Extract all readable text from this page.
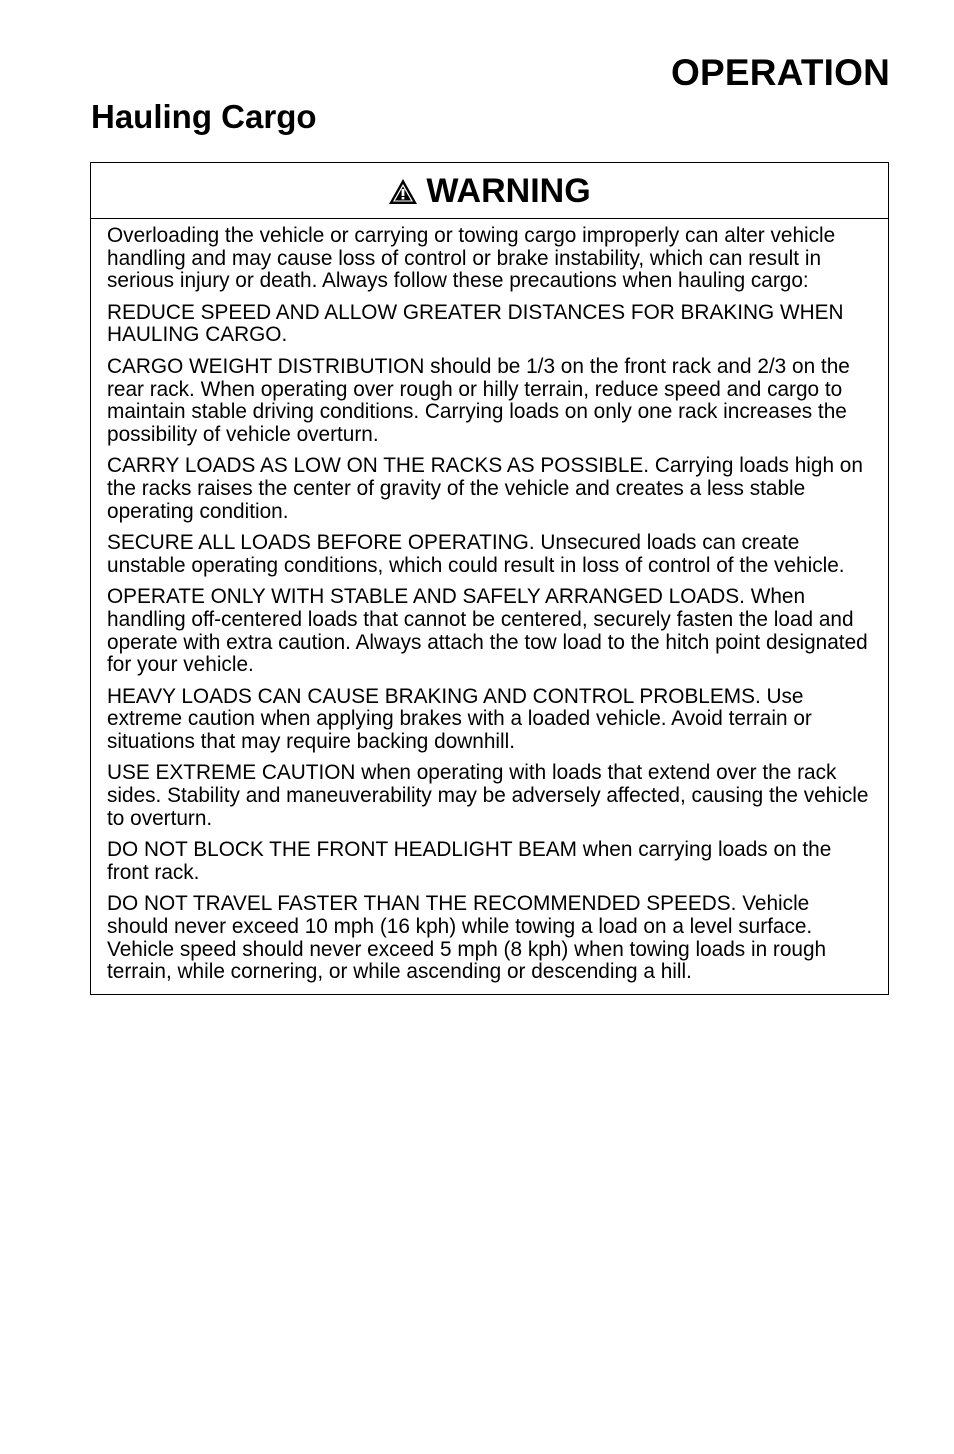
OPERATION
Hauling Cargo
WARNING

Overloading the vehicle or carrying or towing cargo improperly can alter vehicle handling and may cause loss of control or brake instability, which can result in serious injury or death. Always follow these precautions when hauling cargo:

REDUCE SPEED AND ALLOW GREATER DISTANCES FOR BRAKING WHEN HAULING CARGO.

CARGO WEIGHT DISTRIBUTION should be 1/3 on the front rack and 2/3 on the rear rack. When operating over rough or hilly terrain, reduce speed and cargo to maintain stable driving conditions. Carrying loads on only one rack increases the possibility of vehicle overturn.

CARRY LOADS AS LOW ON THE RACKS AS POSSIBLE. Carrying loads high on the racks raises the center of gravity of the vehicle and creates a less stable operating condition.

SECURE ALL LOADS BEFORE OPERATING. Unsecured loads can create unstable operating conditions, which could result in loss of control of the vehicle.

OPERATE ONLY WITH STABLE AND SAFELY ARRANGED LOADS. When handling off-centered loads that cannot be centered, securely fasten the load and operate with extra caution. Always attach the tow load to the hitch point designated for your vehicle.

HEAVY LOADS CAN CAUSE BRAKING AND CONTROL PROBLEMS. Use extreme caution when applying brakes with a loaded vehicle. Avoid terrain or situations that may require backing downhill.

USE EXTREME CAUTION when operating with loads that extend over the rack sides. Stability and maneuverability may be adversely affected, causing the vehicle to overturn.

DO NOT BLOCK THE FRONT HEADLIGHT BEAM when carrying loads on the front rack.

DO NOT TRAVEL FASTER THAN THE RECOMMENDED SPEEDS. Vehicle should never exceed 10 mph (16 kph) while towing a load on a level surface. Vehicle speed should never exceed 5 mph (8 kph) when towing loads in rough terrain, while cornering, or while ascending or descending a hill.
